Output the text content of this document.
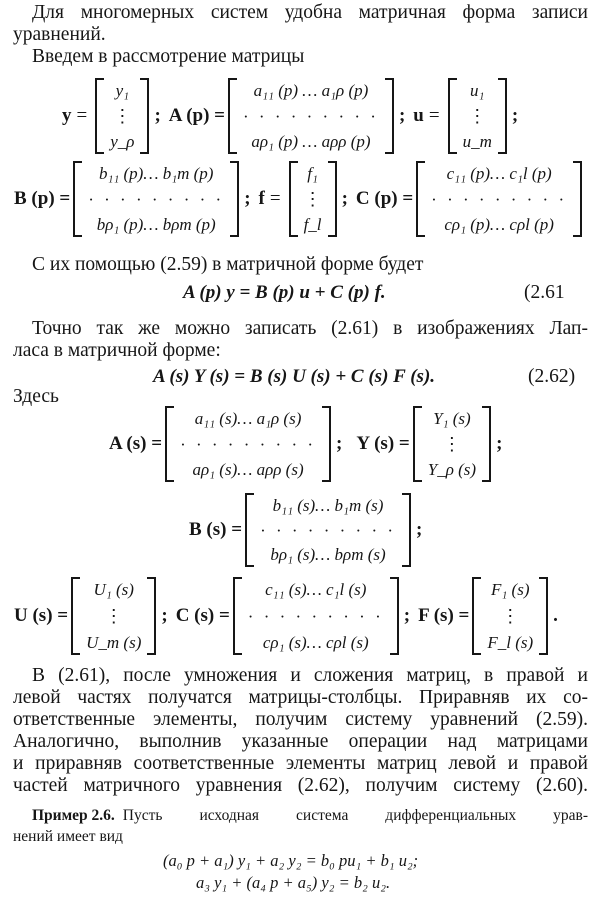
Для многомерных систем удобна матричная форма записи
уравнений.
Введем в рассмотрение матрицы
y =
y₁
⋮
y_ρ
; A (p) =
a₁₁ (p) … a₁ρ (p)
· · · · · · · · ·
aρ₁ (p) … aρρ (p)
; u =
u₁
⋮
u_m
;
B (p) =
b₁₁ (p)… b₁m (p)
· · · · · · · · ·
bρ₁ (p)… bρm (p)
; f =
f₁
⋮
f_l
; C (p) =
c₁₁ (p)… c₁l (p)
· · · · · · · · ·
cρ₁ (p)… cρl (p)
С их помощью (2.59) в матричной форме будет
A (p) y = B (p) u + C (p) f.	(2.61
Точно так же можно записать (2.61) в изображениях Лап-
ласа в матричной форме:
A (s) Y (s) = B (s) U (s) + C (s) F (s).	(2.62)
Здесь
A (s) =
a₁₁ (s)… a₁ρ (s)
· · · · · · · · ·
aρ₁ (s)… aρρ (s)
; Y (s) =
Y₁ (s)
⋮
Y_ρ (s)
;
B (s) =
b₁₁ (s)… b₁m (s)
· · · · · · · · ·
bρ₁ (s)… bρm (s)
;
U (s) =
U₁ (s)
⋮
U_m (s)
; C (s) =
c₁₁ (s)… c₁l (s)
· · · · · · · · ·
cρ₁ (s)… cρl (s)
; F (s) =
F₁ (s)
⋮
F_l (s)
.
В (2.61), после умножения и сложения матриц, в правой и
левой частях получатся матрицы-столбцы. Приравняв их со-
ответственные элементы, получим систему уравнений (2.59).
Аналогично, выполнив указанные операции над матрицами
и приравняв соответственные элементы матриц левой и правой
частей матричного уравнения (2.62), получим систему (2.60).
Пример 2.6. Пусть исходная система дифференциальных урав-
нений имеет вид
(a₀ p + a₁) y₁ + a₂ y₂ = b₀ pu₁ + b₁ u₂;
a₃ y₁ + (a₄ p + a₅) y₂ = b₂ u₂.
